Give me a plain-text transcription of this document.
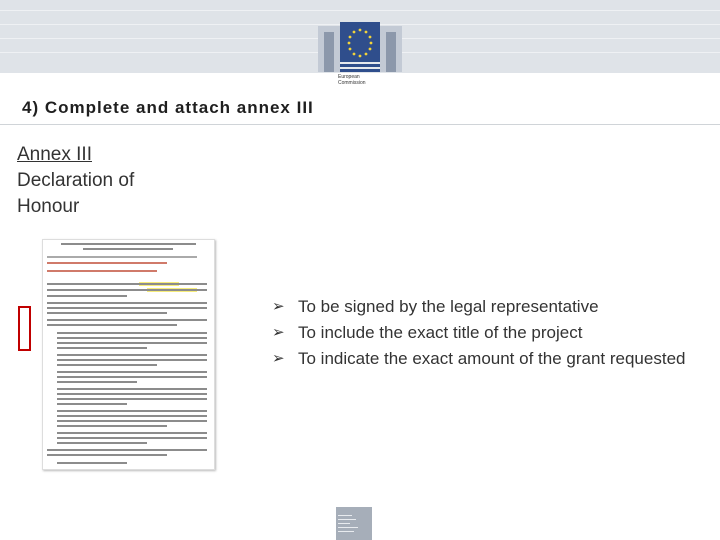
European
Commission
4) Complete and attach annex III
Annex III
Declaration of
Honour
➢ To be signed by the legal representative
➢ To include the exact title of the project
➢ To indicate the exact amount of the grant requested
